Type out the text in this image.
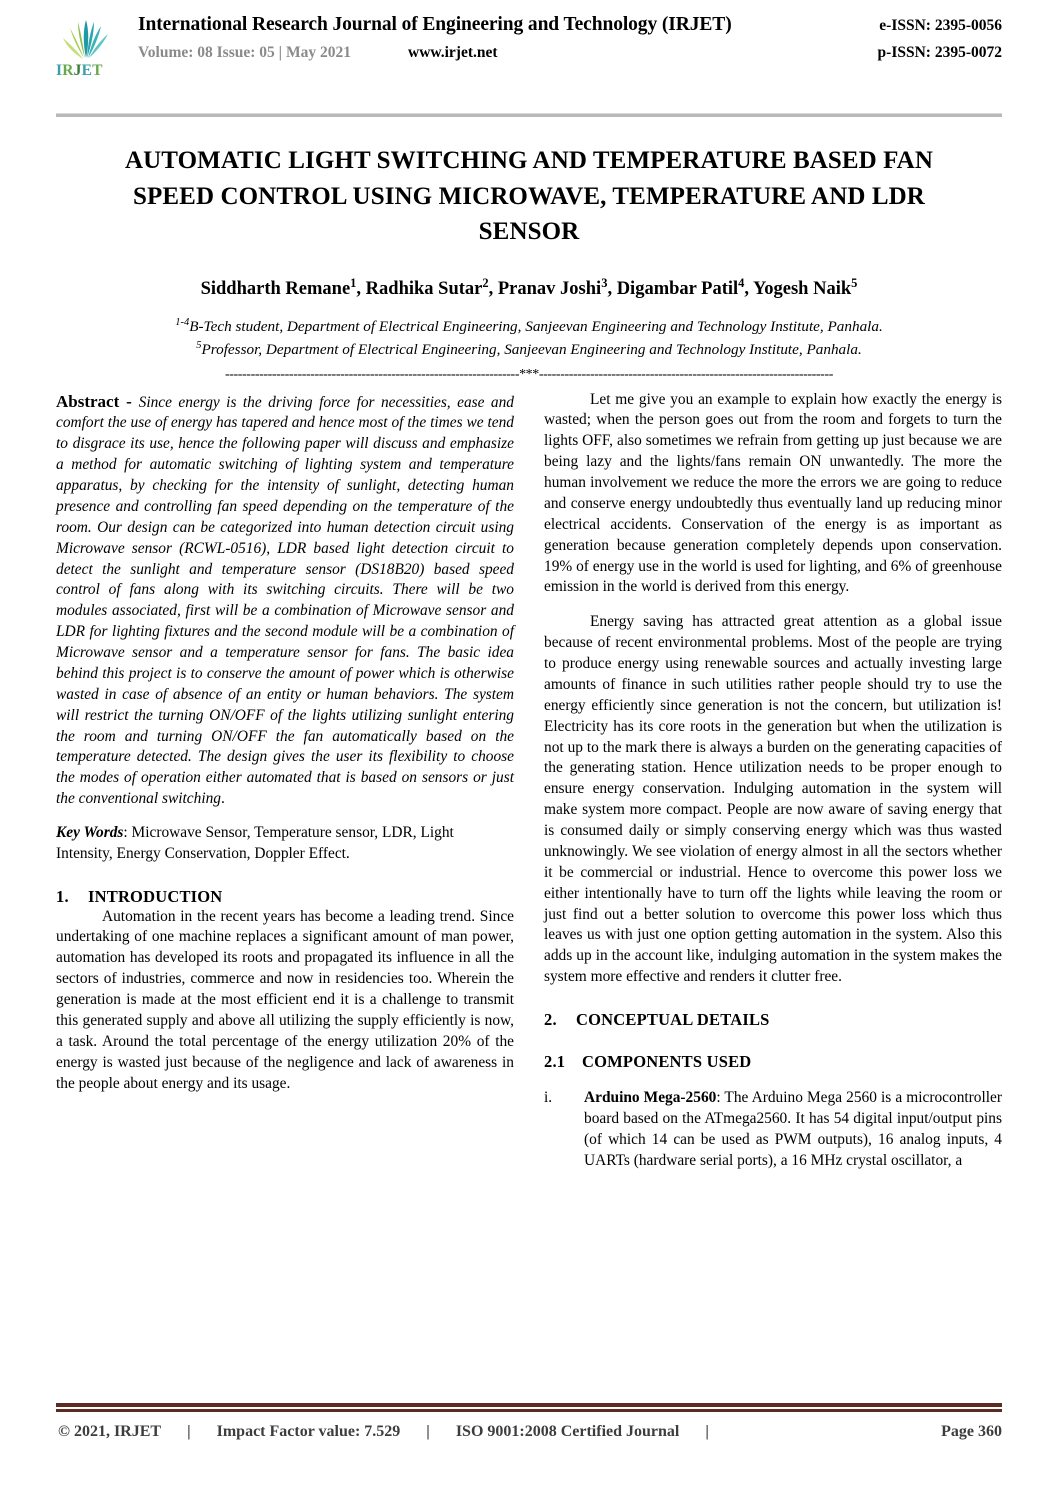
I R J E T
International Research Journal of Engineering and Technology (IRJET)	e-ISSN: 2395-0056
Volume: 08 Issue: 05 | May 2021	www.irjet.net	p-ISSN: 2395-0072
AUTOMATIC LIGHT SWITCHING AND TEMPERATURE BASED FAN SPEED CONTROL USING MICROWAVE, TEMPERATURE AND LDR SENSOR
Siddharth Remane$^1$, Radhika Sutar$^2$, Pranav Joshi$^3$, Digambar Patil$^4$, Yogesh Naik$^5$
$^{1-4}$B-Tech student, Department of Electrical Engineering, Sanjeevan Engineering and Technology Institute, Panhala.
$^5$Professor, Department of Electrical Engineering, Sanjeevan Engineering and Technology Institute, Panhala.
---------------------------------------------------------------------***---------------------------------------------------------------------

Abstract - Since energy is the driving force for necessities, ease and comfort the use of energy has tapered and hence most of the times we tend to disgrace its use, hence the following paper will discuss and emphasize a method for automatic switching of lighting system and temperature apparatus, by checking for the intensity of sunlight, detecting human presence and controlling fan speed depending on the temperature of the room. Our design can be categorized into human detection circuit using Microwave sensor (RCWL-0516), LDR based light detection circuit to detect the sunlight and temperature sensor (DS18B20) based speed control of fans along with its switching circuits. There will be two modules associated, first will be a combination of Microwave sensor and LDR for lighting fixtures and the second module will be a combination of Microwave sensor and a temperature sensor for fans. The basic idea behind this project is to conserve the amount of power which is otherwise wasted in case of absence of an entity or human behaviors. The system will restrict the turning ON/OFF of the lights utilizing sunlight entering the room and turning ON/OFF the fan automatically based on the temperature detected. The design gives the user its flexibility to choose the modes of operation either automated that is based on sensors or just the conventional switching.

Key Words: Microwave Sensor, Temperature sensor, LDR, Light Intensity, Energy Conservation, Doppler Effect.
1. INTRODUCTION

Automation in the recent years has become a leading trend. Since undertaking of one machine replaces a significant amount of man power, automation has developed its roots and propagated its influence in all the sectors of industries, commerce and now in residencies too. Wherein the generation is made at the most efficient end it is a challenge to transmit this generated supply and above all utilizing the supply efficiently is now, a task. Around the total percentage of the energy utilization 20% of the energy is wasted just because of the negligence and lack of awareness in the people about energy and its usage.

Let me give you an example to explain how exactly the energy is wasted; when the person goes out from the room and forgets to turn the lights OFF, also sometimes we refrain from getting up just because we are being lazy and the lights/fans remain ON unwantedly. The more the human involvement we reduce the more the errors we are going to reduce and conserve energy undoubtedly thus eventually land up reducing minor electrical accidents. Conservation of the energy is as important as generation because generation completely depends upon conservation. 19% of energy use in the world is used for lighting, and 6% of greenhouse emission in the world is derived from this energy.

Energy saving has attracted great attention as a global issue because of recent environmental problems. Most of the people are trying to produce energy using renewable sources and actually investing large amounts of finance in such utilities rather people should try to use the energy efficiently since generation is not the concern, but utilization is! Electricity has its core roots in the generation but when the utilization is not up to the mark there is always a burden on the generating capacities of the generating station. Hence utilization needs to be proper enough to ensure energy conservation. Indulging automation in the system will make system more compact. People are now aware of saving energy that is consumed daily or simply conserving energy which was thus wasted unknowingly. We see violation of energy almost in all the sectors whether it be commercial or industrial. Hence to overcome this power loss we either intentionally have to turn off the lights while leaving the room or just find out a better solution to overcome this power loss which thus leaves us with just one option getting automation in the system. Also this adds up in the account like, indulging automation in the system makes the system more effective and renders it clutter free.

2. CONCEPTUAL DETAILS
2.1 COMPONENTS USED
i.	Arduino Mega-2560: The Arduino Mega 2560 is a microcontroller board based on the ATmega2560. It has 54 digital input/output pins (of which 14 can be used as PWM outputs), 16 analog inputs, 4 UARTs (hardware serial ports), a 16 MHz crystal oscillator, a
© 2021, IRJET | Impact Factor value: 7.529 | ISO 9001:2008 Certified Journal |	Page 360
